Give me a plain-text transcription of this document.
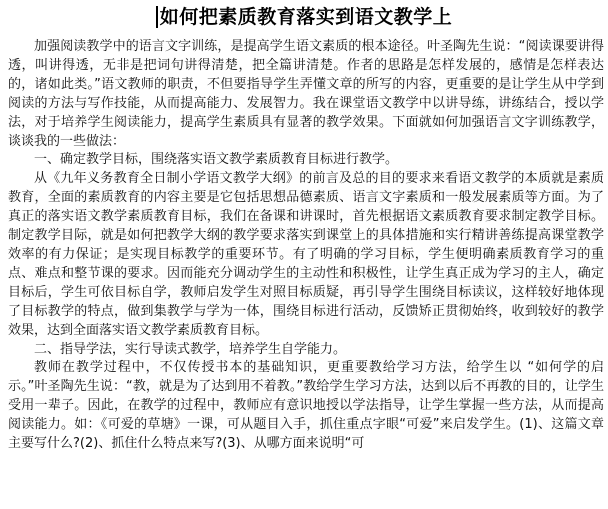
如何把素质教育落实到语文教学上

加强阅读教学中的语言文字训练，是提高学生语文素质的根本途径。叶圣陶先生说：“阅读课要讲得透，叫讲得透，无非是把词句讲得清楚，把全篇讲清楚。作者的思路是怎样发展的，感情是怎样表达的，诸如此类。”语文教师的职责，不但要指导学生弄懂文章的所写的内容，更重要的是让学生从中学到阅读的方法与写作技能，从而提高能力、发展智力。我在课堂语文教学中以讲导练，讲练结合，授以学法，对于培养学生阅读能力，提高学生素质具有显著的教学效果。下面就如何加强语言文字训练教学，谈谈我的一些做法：

一、确定教学目标，围绕落实语文教学素质教育目标进行教学。

从《九年义务教育全日制小学语文教学大纲》的前言及总的目的要求来看语文教学的本质就是素质教育，全面的素质教育的内容主要是它包括思想品德素质、语言文字素质和一般发展素质等方面。为了真正的落实语文教学素质教育目标，我们在备课和讲课时，首先根据语文素质教育要求制定教学目标。制定教学目际，就是如何把教学大纲的教学要求落实到课堂上的具体措施和实行精讲善练提高课堂教学效率的有力保证；是实现目标教学的重要环节。有了明确的学习目标，学生便明确素质教育学习的重点、难点和整节课的要求。因而能充分调动学生的主动性和积极性，让学生真正成为学习的主人，确定目标后，学生可依目标自学，教师启发学生对照目标质疑，再引导学生围绕目标读议，这样较好地体现了目标教学的特点，做到集教学与学为一体，围绕目标进行活动，反馈矫正贯彻始终，收到较好的教学效果，达到全面落实语文教学素质教育目标。

二、指导学法，实行导读式教学，培养学生自学能力。

教师在教学过程中，不仅传授书本的基础知识，更重要教给学习方法，给学生以 “如何学的启示。”叶圣陶先生说：“教，就是为了达到用不着教。”教给学生学习方法，达到以后不再教的目的，让学生受用一辈子。因此，在教学的过程中，教师应有意识地授以学法指导，让学生掌握一些方法，从而提高阅读能力。如：《可爱的草塘》一课，可从题目入手，抓住重点字眼“可爱”来启发学生。(1)、这篇文章主要写什么?(2)、抓住什么特点来写?(3)、从哪方面来说明“可
